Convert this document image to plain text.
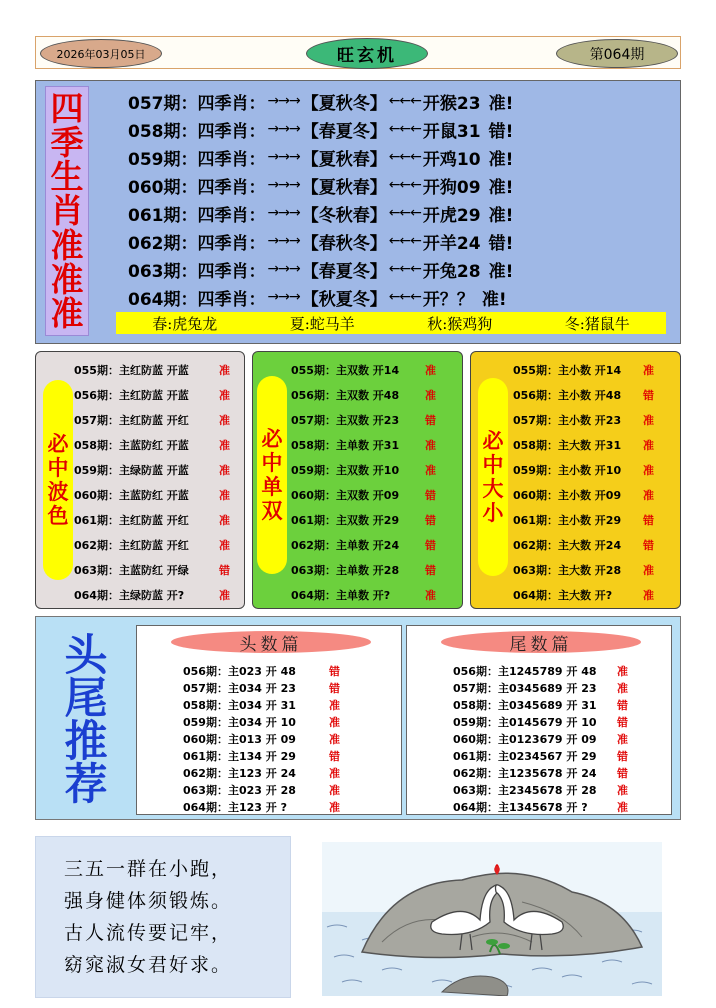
2026年03月05日	旺玄机	第064期
四
季
生
肖
准
准
准
057期： 四季肖： →→→ 【夏秋冬】 ←←← 开猴23 准!
058期： 四季肖： →→→ 【春夏冬】 ←←← 开鼠31 错!
059期： 四季肖： →→→ 【夏秋春】 ←←← 开鸡10 准!
060期： 四季肖： →→→ 【夏秋春】 ←←← 开狗09 准!
061期： 四季肖： →→→ 【冬秋春】 ←←← 开虎29 准!
062期： 四季肖： →→→ 【春秋冬】 ←←← 开羊24 错!
063期： 四季肖： →→→ 【春夏冬】 ←←← 开兔28 准!
064期： 四季肖： →→→ 【秋夏冬】 ←←← 开？？ 准!
春:虎兔龙	夏:蛇马羊	秋:猴鸡狗	冬:猪鼠牛
必
中
波
色
055期：主红防蓝 开蓝	准
056期：主红防蓝 开蓝	准
057期：主红防蓝 开红	准
058期：主蓝防红 开蓝	准
059期：主绿防蓝 开蓝	准
060期：主蓝防红 开蓝	准
061期：主红防蓝 开红	准
062期：主红防蓝 开红	准
063期：主蓝防红 开绿	错
064期：主绿防蓝 开?	准
必
中
单
双
055期：主双数 开14 准
056期：主双数 开48 准
057期：主双数 开23 错
058期：主单数 开31 准
059期：主双数 开10 准
060期：主双数 开09 错
061期：主双数 开29 错
062期：主单数 开24 错
063期：主单数 开28 错
064期：主单数 开?	准
必
中
大
小
055期：主小数 开14 准
056期：主小数 开48 错
057期：主小数 开23 准
058期：主大数 开31 准
059期：主小数 开10 准
060期：主小数 开09 准
061期：主小数 开29 错
062期：主大数 开24 错
063期：主大数 开28 准
064期：主大数 开?	准
头
尾
推
荐
头数篇
056期：主023 开 48	错
057期：主034 开 23	错
058期：主034 开 31	准
059期：主034 开 10	准
060期：主013 开 09	准
061期：主134 开 29	错
062期：主123 开 24	准
063期：主023 开 28	准
064期：主123 开 ?	准
尾数篇
056期：主1245789 开 48 准
057期：主0345689 开 23 准
058期：主0345689 开 31 错
059期：主0145679 开 10 错
060期：主0123679 开 09 准
061期：主0234567 开 29 错
062期：主1235678 开 24 错
063期：主2345678 开 28 准
064期：主1345678 开 ?	准
三五一群在小跑，
强身健体须锻炼。
古人流传要记牢，
窈窕淑女君好求。
